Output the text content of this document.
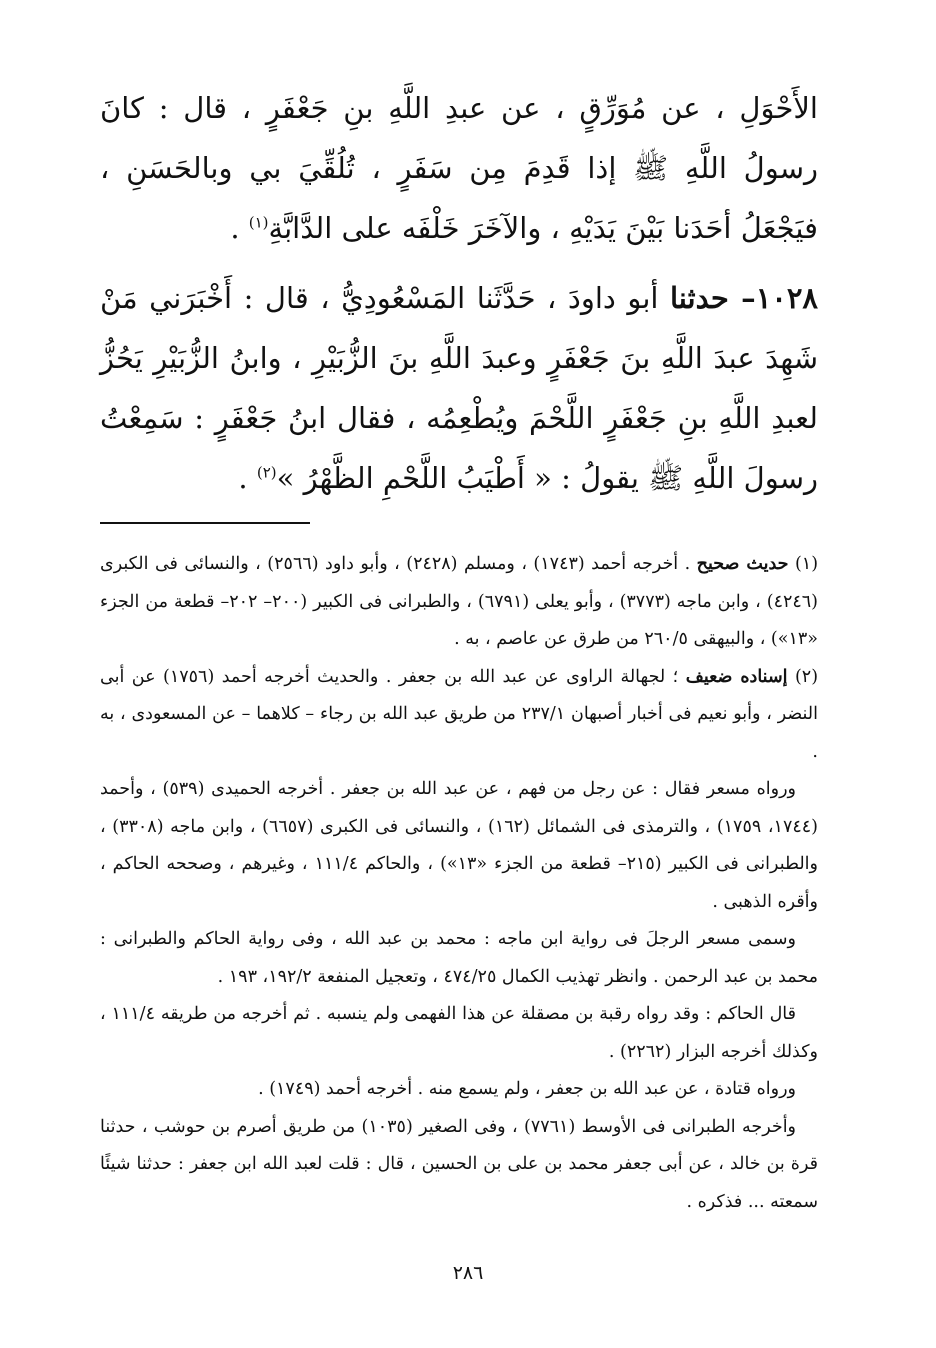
الأَحْوَلِ ، عن مُوَرِّقٍ ، عن عبدِ اللَّهِ بنِ جَعْفَرٍ ، قال : كانَ رسولُ اللَّهِ ﷺ إذا قَدِمَ مِن سَفَرٍ ، تُلُقِّيَ بي وبالحَسَنِ ، فيَجْعَلُ أحَدَنا بَيْنَ يَدَيْهِ ، والآخَرَ خَلْفَه على الدَّابَّةِ$^{(١)}$ .

١٠٢٨– حدثنا أبو داودَ ، حَدَّثَنا المَسْعُودِيُّ ، قال : أَخْبَرَني مَنْ شَهِدَ عبدَ اللَّهِ بنَ جَعْفَرٍ وعبدَ اللَّهِ بنَ الزُّبَيْرِ ، وابنُ الزُّبَيْرِ يَحُزُّ لعبدِ اللَّهِ بنِ جَعْفَرٍ اللَّحْمَ ويُطْعِمُه ، فقال ابنُ جَعْفَرٍ : سَمِعْتُ رسولَ اللَّهِ ﷺ يقولُ : « أَطْيَبُ اللَّحْمِ الظَّهْرُ »$^{(٢)}$ .

(١) حديث صحيح . أخرجه أحمد (١٧٤٣) ، ومسلم (٢٤٢٨) ، وأبو داود (٢٥٦٦) ، والنسائى فى الكبرى (٤٢٤٦) ، وابن ماجه (٣٧٧٣) ، وأبو يعلى (٦٧٩١) ، والطبرانى فى الكبير (٢٠٠– ٢٠٢– قطعة من الجزء «١٣») ، والبيهقى ٢٦٠/٥ من طرق عن عاصم ، به .

(٢) إسناده ضعيف ؛ لجهالة الراوى عن عبد الله بن جعفر . والحديث أخرجه أحمد (١٧٥٦) عن أبى النضر ، وأبو نعيم فى أخبار أصبهان ٢٣٧/١ من طريق عبد الله بن رجاء – كلاهما – عن المسعودى ، به .

ورواه مسعر فقال : عن رجل من فهم ، عن عبد الله بن جعفر . أخرجه الحميدى (٥٣٩) ، وأحمد (١٧٤٤، ١٧٥٩) ، والترمذى فى الشمائل (١٦٢) ، والنسائى فى الكبرى (٦٦٥٧) ، وابن ماجه (٣٣٠٨) ، والطبرانى فى الكبير (٢١٥– قطعة من الجزء «١٣») ، والحاكم ١١١/٤ ، وغيرهم ، وصححه الحاكم ، وأقره الذهبى .

وسمى مسعر الرجلَ فى رواية ابن ماجه : محمد بن عبد الله ، وفى رواية الحاكم والطبرانى : محمد بن عبد الرحمن . وانظر تهذيب الكمال ٤٧٤/٢٥ ، وتعجيل المنفعة ١٩٢/٢، ١٩٣ .

قال الحاكم : وقد رواه رقبة بن مصقلة عن هذا الفهمى ولم ينسبه . ثم أخرجه من طريقه ١١١/٤ ، وكذلك أخرجه البزار (٢٢٦٢) .

ورواه قتادة ، عن عبد الله بن جعفر ، ولم يسمع منه . أخرجه أحمد (١٧٤٩) .

وأخرجه الطبرانى فى الأوسط (٧٧٦١) ، وفى الصغير (١٠٣٥) من طريق أصرم بن حوشب ، حدثنا قرة بن خالد ، عن أبى جعفر محمد بن على بن الحسين ، قال : قلت لعبد الله ابن جعفر : حدثنا شيئًا سمعته ... فذكره .

٢٨٦
